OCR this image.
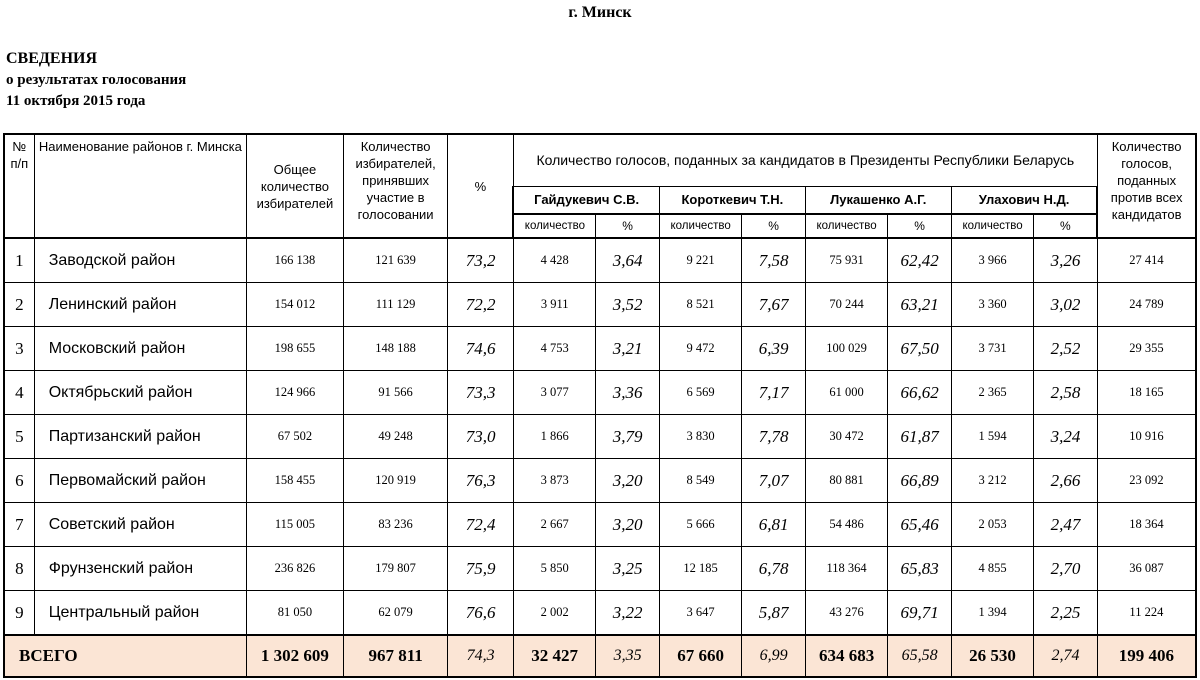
г. Минск
СВЕДЕНИЯ
о результатах голосования
11 октября 2015 года
№ п/п	Наименование районов г. Минска	Общее количество избирателей	Количество избирателей, принявших участие в голосовании	%	Количество голосов, поданных за кандидатов в Президенты Республики Беларусь								Количество голосов, поданных против всех кандидатов
					Гайдукевич С.В.		Короткевич Т.Н.		Лукашенко А.Г.		Улахович Н.Д.		
					количество	%	количество	%	количество	%	количество	%	
1	Заводской район	166 138	121 639	73,2	4 428	3,64	9 221	7,58	75 931	62,42	3 966	3,26	27 414
2	Ленинский район	154 012	111 129	72,2	3 911	3,52	8 521	7,67	70 244	63,21	3 360	3,02	24 789
3	Московский район	198 655	148 188	74,6	4 753	3,21	9 472	6,39	100 029	67,50	3 731	2,52	29 355
4	Октябрьский район	124 966	91 566	73,3	3 077	3,36	6 569	7,17	61 000	66,62	2 365	2,58	18 165
5	Партизанский район	67 502	49 248	73,0	1 866	3,79	3 830	7,78	30 472	61,87	1 594	3,24	10 916
6	Первомайский район	158 455	120 919	76,3	3 873	3,20	8 549	7,07	80 881	66,89	3 212	2,66	23 092
7	Советский район	115 005	83 236	72,4	2 667	3,20	5 666	6,81	54 486	65,46	2 053	2,47	18 364
8	Фрунзенский район	236 826	179 807	75,9	5 850	3,25	12 185	6,78	118 364	65,83	4 855	2,70	36 087
9	Центральный район	81 050	62 079	76,6	2 002	3,22	3 647	5,87	43 276	69,71	1 394	2,25	11 224
ВСЕГО		1 302 609	967 811	74,3	32 427	3,35	67 660	6,99	634 683	65,58	26 530	2,74	199 406
